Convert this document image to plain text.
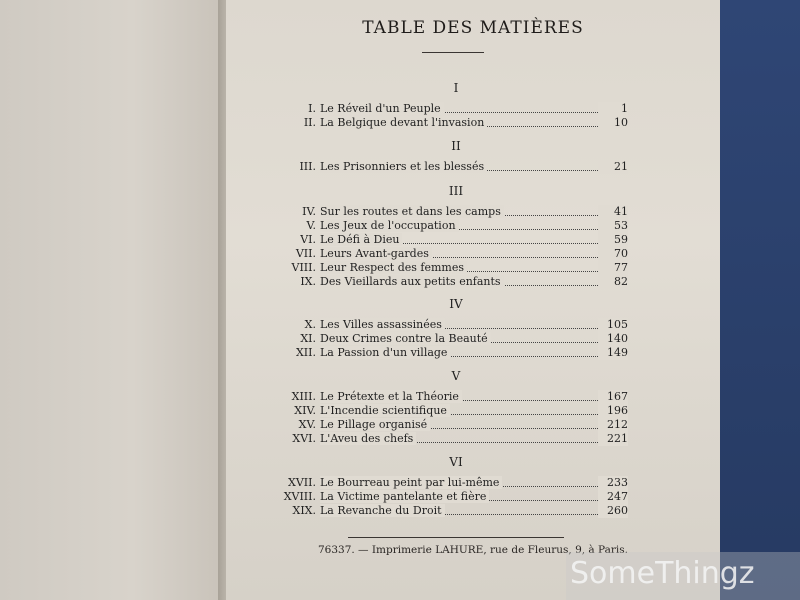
TABLE DES MATIÈRES
I
I. Le Réveil d'un Peuple	1
II. La Belgique devant l'invasion	10
II
III. Les Prisonniers et les blessés	21
III
IV. Sur les routes et dans les camps	41
V. Les Jeux de l'occupation	53
VI. Le Défi à Dieu	59
VII. Leurs Avant-gardes	70
VIII. Leur Respect des femmes	77
IX. Des Vieillards aux petits enfants	82
IV
X. Les Villes assassinées	105
XI. Deux Crimes contre la Beauté	140
XII. La Passion d'un village	149
V
XIII. Le Prétexte et la Théorie	167
XIV. L'Incendie scientifique	196
XV. Le Pillage organisé	212
XVI. L'Aveu des chefs	221
VI
XVII. Le Bourreau peint par lui-même	233
XVIII. La Victime pantelante et fière	247
XIX. La Revanche du Droit	260
76337. — Imprimerie LAHURE, rue de Fleurus, 9, à Paris.
SomeThingz
